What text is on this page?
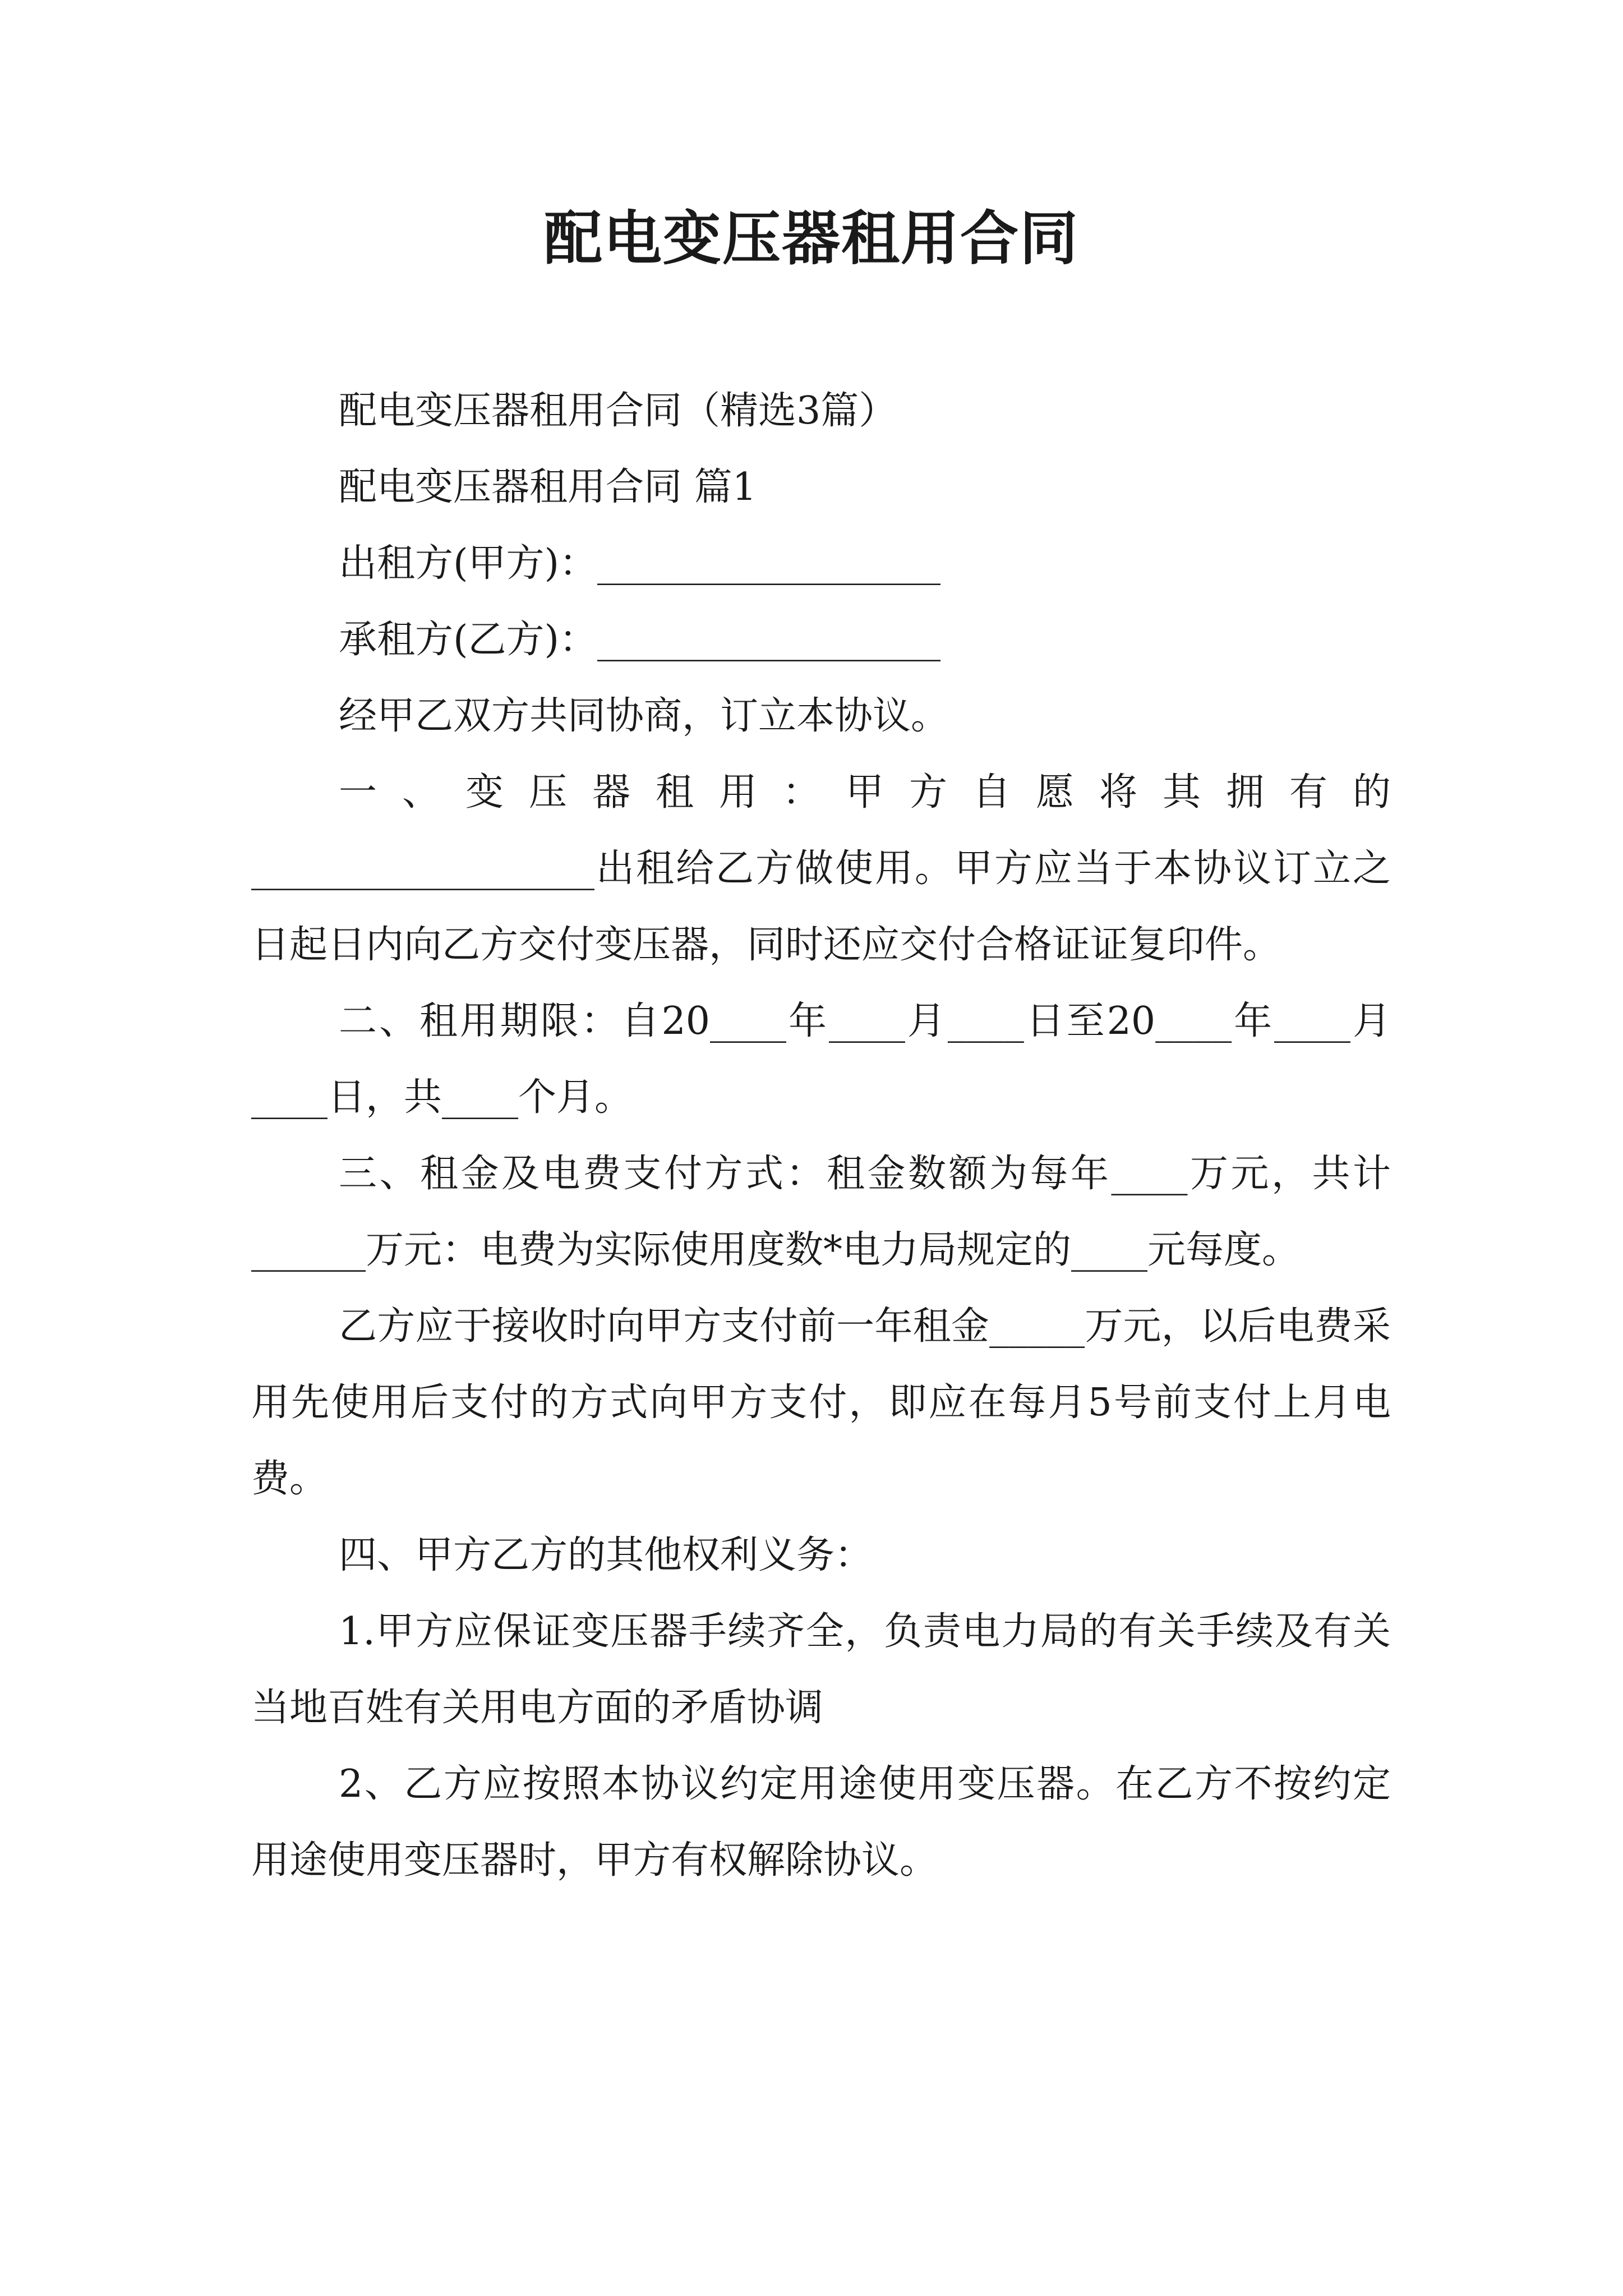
配电变压器租用合同

配电变压器租用合同（精选3篇）

配电变压器租用合同 篇1

出租方(甲方)：__________________

承租方(乙方)：__________________

经甲乙双方共同协商，订立本协议。

一、变压器租用：甲方自愿将其拥有的

__________________出租给乙方做使用。甲方应当于本协议订立之日起日内向乙方交付变压器，同时还应交付合格证证复印件。

二、租用期限：自20____年____月____日至20____年____月____日，共____个月。

三、租金及电费支付方式：租金数额为每年____万元，共计______万元：电费为实际使用度数*电力局规定的____元每度。

乙方应于接收时向甲方支付前一年租金_____万元，以后电费采用先使用后支付的方式向甲方支付，即应在每月5号前支付上月电费。

四、甲方乙方的其他权利义务：

1.甲方应保证变压器手续齐全，负责电力局的有关手续及有关当地百姓有关用电方面的矛盾协调

2、乙方应按照本协议约定用途使用变压器。在乙方不按约定用途使用变压器时，甲方有权解除协议。
